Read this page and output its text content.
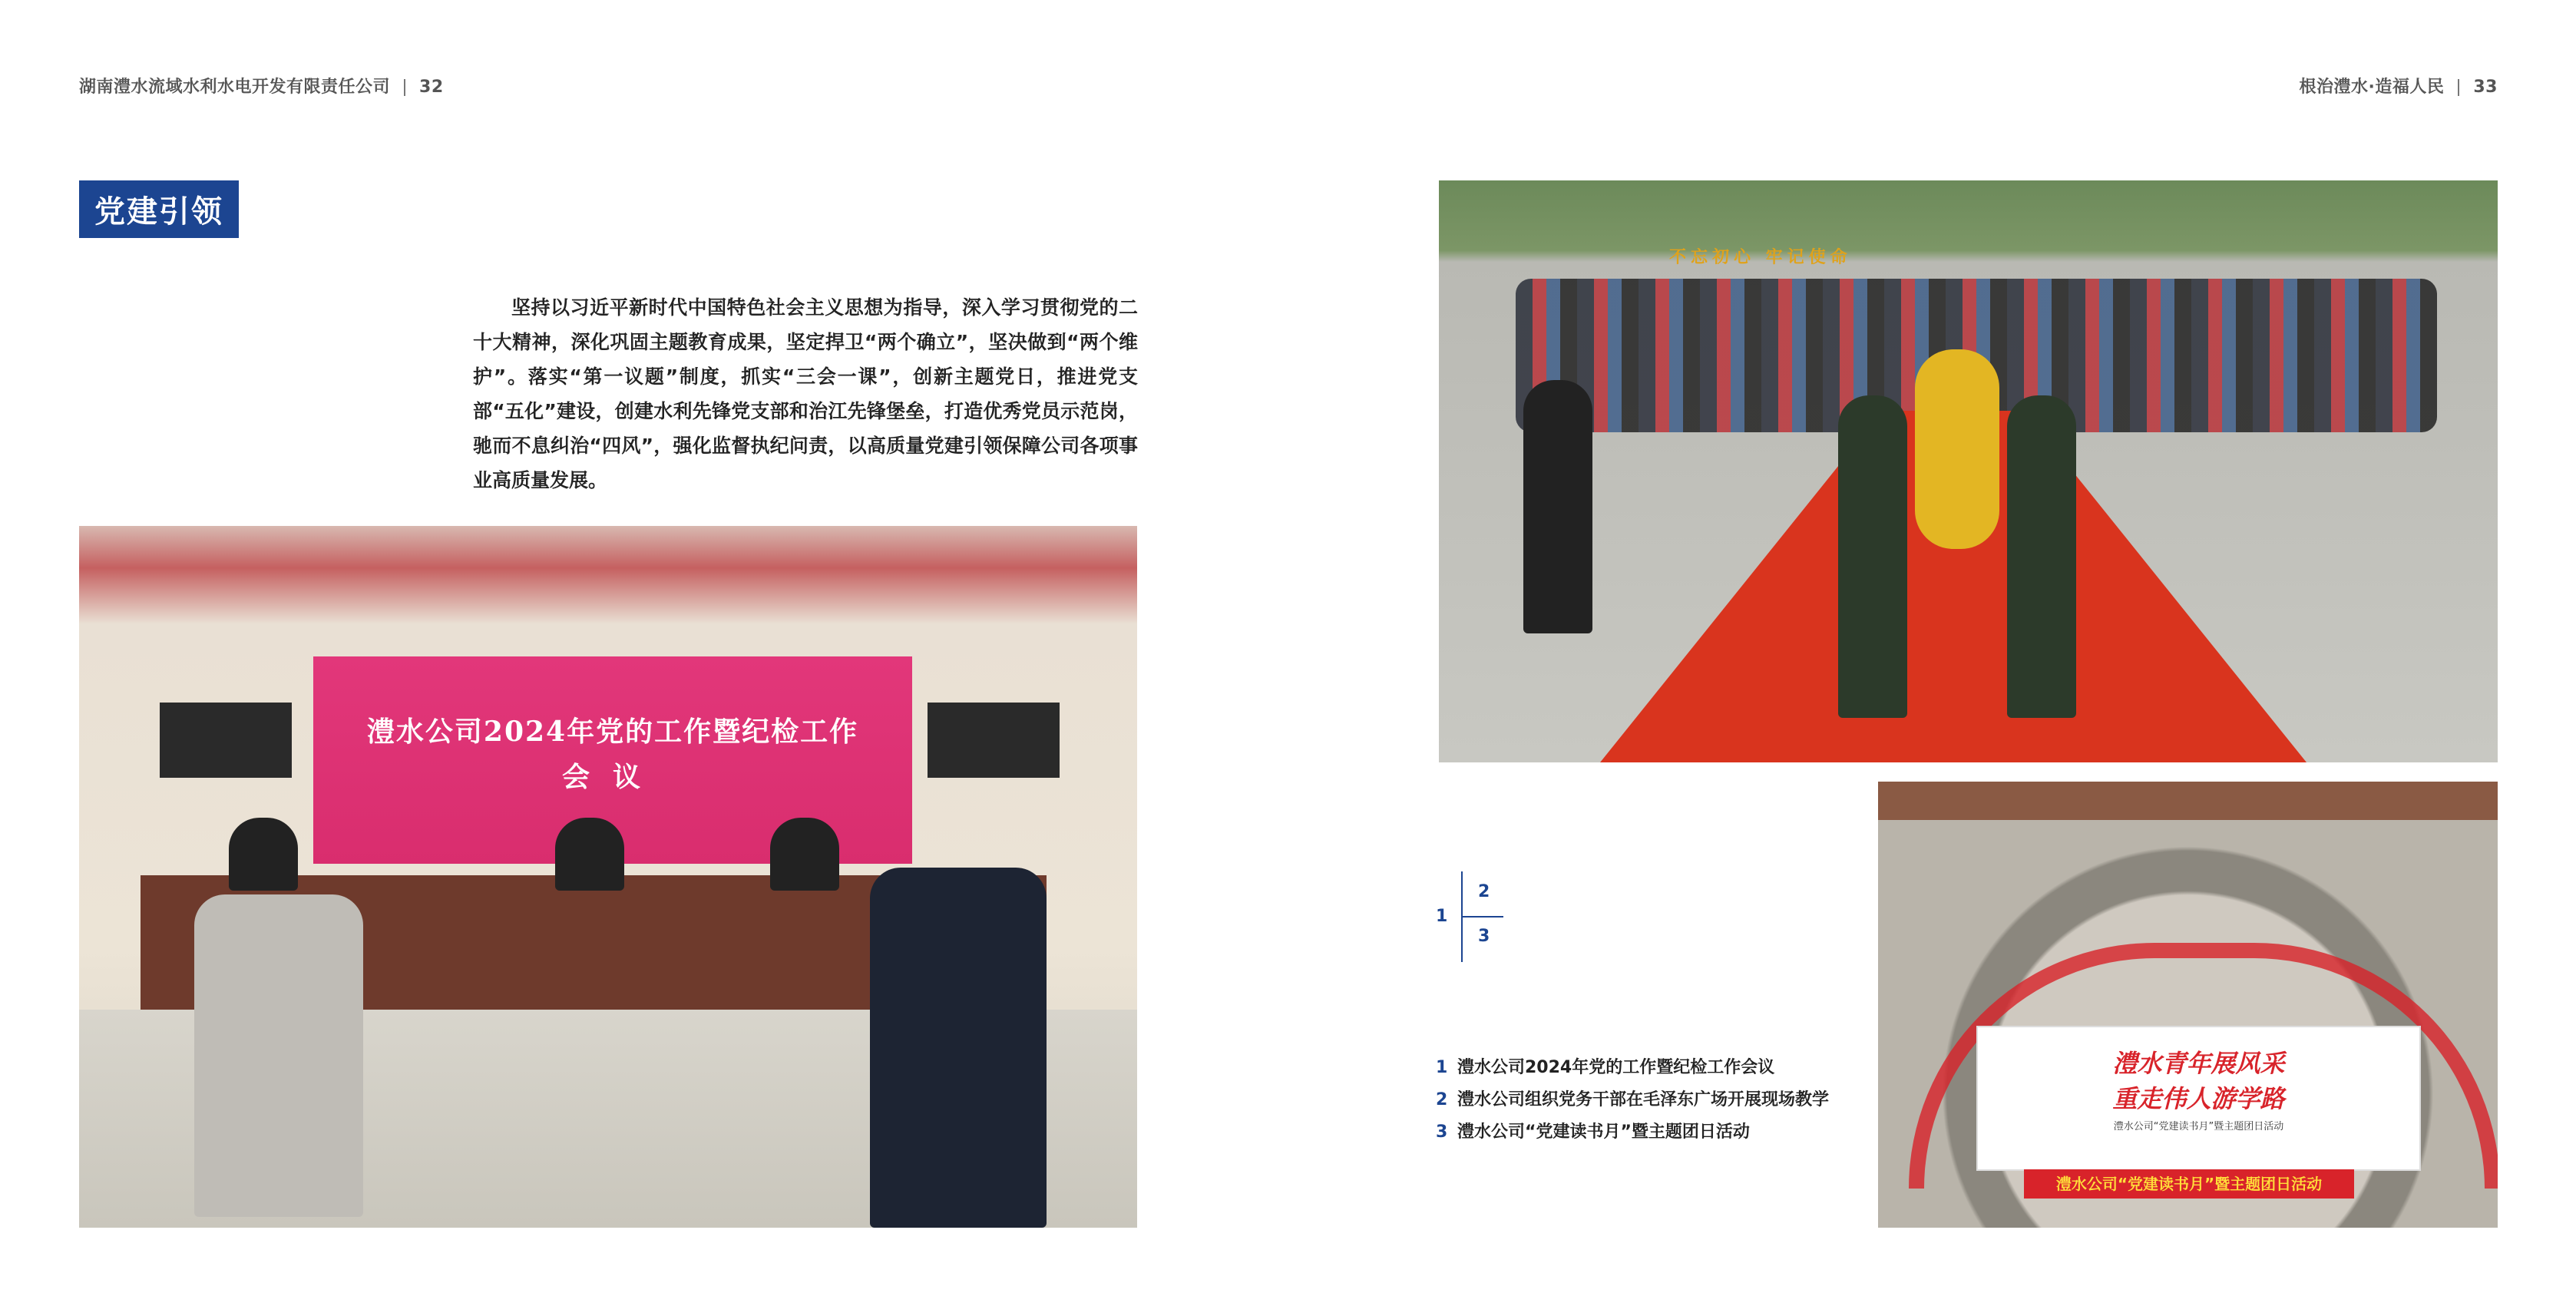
湖南澧水流域水利水电开发有限责任公司 32	根治澧水·造福人民 33
党建引领
坚持以习近平新时代中国特色社会主义思想为指导，深入学习贯彻党的二十大精神，深化巩固主题教育成果，坚定捍卫“两个确立”，坚决做到“两个维护”。落实“第一议题”制度，抓实“三会一课”，创新主题党日，推进党支部“五化”建设，创建水利先锋党支部和治江先锋堡垒，打造优秀党员示范岗，驰而不息纠治“四风”，强化监督执纪问责，以高质量党建引领保障公司各项事业高质量发展。
澧水公司2024年党的工作暨纪检工作
会议
不忘初心 牢记使命
澧水青年展风采
重走伟人游学路
澧水公司“党建读书月”暨主题团日活动
澧水公司“党建读书月”暨主题团日活动
1
2
3
1 澧水公司2024年党的工作暨纪检工作会议
2 澧水公司组织党务干部在毛泽东广场开展现场教学
3 澧水公司“党建读书月”暨主题团日活动
